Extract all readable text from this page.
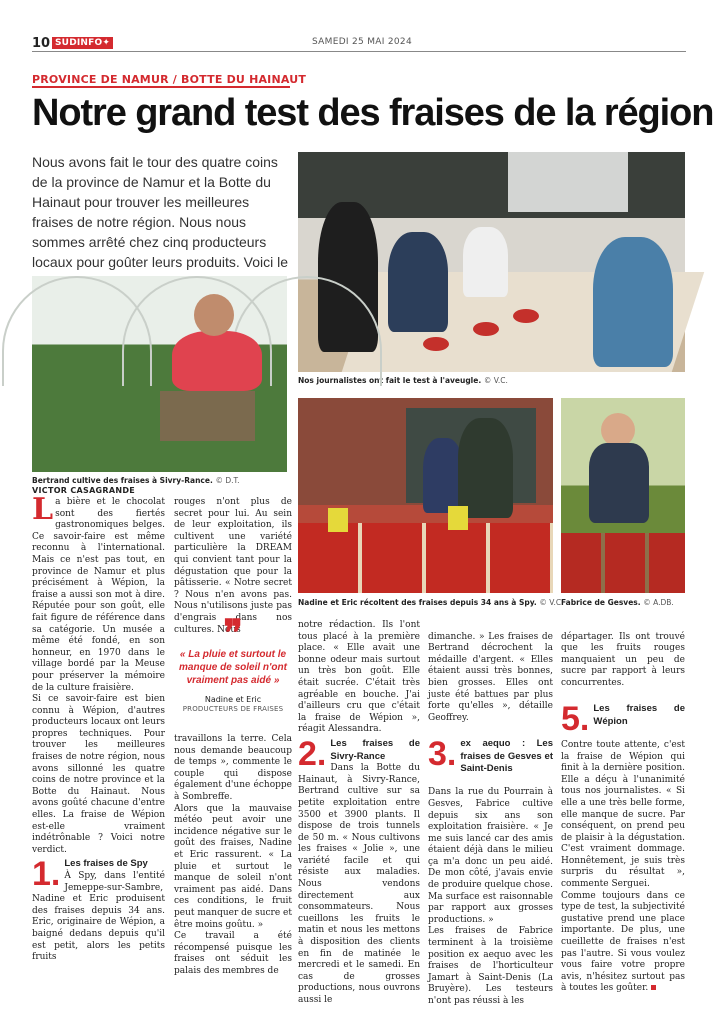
10 SUDINFO✦	SAMEDI 25 MAI 2024
PROVINCE DE NAMUR / BOTTE DU HAINAUT
Notre grand test des fraises de la région
Nous avons fait le tour des quatre coins de la province de Namur et la Botte du Hainaut pour trouver les meilleures fraises de notre région. Nous nous sommes arrêté chez cinq producteurs locaux pour goûter leurs produits. Voici le
Nos journalistes ont fait le test à l'aveugle. © V.C.
Bertrand cultive des fraises à Sivry-Rance. © D.T.
Nadine et Eric récoltent des fraises depuis 34 ans à Spy. © V.C.
Fabrice de Gesves. © A.DB.
VICTOR CASAGRANDE

La bière et le chocolat sont des fiertés gastronomiques belges. Ce savoir-faire est même reconnu à l'international. Mais ce n'est pas tout, en province de Namur et plus précisément à Wépion, la fraise a aussi son mot à dire. Réputée pour son goût, elle fait figure de référence dans sa catégorie. Un musée a même été fondé, en son honneur, en 1970 dans le village bordé par la Meuse pour préserver la mémoire de la culture fraisière.

Si ce savoir-faire est bien connu à Wépion, d'autres producteurs locaux ont leurs propres techniques. Pour trouver les meilleures fraises de notre région, nous avons sillonné les quatre coins de notre province et la Botte du Hainaut. Nous avons goûté chacune d'entre elles. La fraise de Wépion est-elle vraiment indétrônable ? Voici notre verdict.

1. Les fraises de Spy
À Spy, dans l'entité Jemeppe-sur-Sambre, Nadine et Eric produisent des fraises depuis 34 ans. Eric, originaire de Wépion, a baigné dedans depuis qu'il est petit, alors les petits fruits

rouges n'ont plus de secret pour lui. Au sein de leur exploitation, ils cultivent une variété particulière la DREAM qui convient tant pour la dégustation que pour la pâtisserie. « Notre secret ? Nous n'en avons pas. Nous n'utilisons juste pas d'engrais dans nos cultures. Nous
❞
« La pluie et surtout le manque de soleil n'ont vraiment pas aidé »
Nadine et Eric
PRODUCTEURS DE FRAISES
travaillons la terre. Cela nous demande beaucoup de temps », commente le couple qui dispose également d'une échoppe à Sombreffe.
Alors que la mauvaise météo peut avoir une incidence négative sur le goût des fraises, Nadine et Eric rassurent. « La pluie et surtout le manque de soleil n'ont vraiment pas aidé. Dans ces conditions, le fruit peut manquer de sucre et être moins goûtu. »
Ce travail a été récompensé puisque les fraises ont séduit les palais des membres de

notre rédaction. Ils l'ont tous placé à la première place. « Elle avait une bonne odeur mais surtout un très bon goût. Elle était sucrée. C'était très agréable en bouche. J'ai d'ailleurs cru que c'était la fraise de Wépion », réagit Alessandra.

2. Les fraises de Sivry-Rance
Dans la Botte du Hainaut, à Sivry-Rance, Bertrand cultive sur sa petite exploitation entre 3500 et 3900 plants. Il dispose de trois tunnels de 50 m. « Nous cultivons les fraises « Jolie », une variété facile et qui résiste aux maladies. Nous vendons directement aux consommateurs. Nous cueillons les fruits le matin et nous les mettons à disposition des clients en fin de matinée le mercredi et le samedi. En cas de grosses productions, nous ouvrons aussi le

dimanche. » Les fraises de Bertrand décrochent la médaille d'argent. « Elles étaient aussi très bonnes, bien grosses. Elles ont juste été battues par plus forte qu'elles », détaille Geoffrey.

3. ex aequo : Les fraises de Gesves et Saint-Denis

Dans la rue du Pourrain à Gesves, Fabrice cultive depuis six ans son exploitation fraisière. « Je me suis lancé car des amis étaient déjà dans le milieu ça m'a donc un peu aidé. De mon côté, j'avais envie de produire quelque chose. Ma surface est raisonnable par rapport aux grosses productions. »
Les fraises de Fabrice terminent à la troisième position ex aequo avec les fraises de l'horticulteur Jamart à Saint-Denis (La Bruyère). Les testeurs n'ont pas réussi à les

départager. Ils ont trouvé que les fruits rouges manquaient un peu de sucre par rapport à leurs concurrentes.

5. Les fraises de Wépion

Contre toute attente, c'est la fraise de Wépion qui finit à la dernière position. Elle a déçu à l'unanimité tous nos journalistes. « Si elle a une très belle forme, elle manque de sucre. Par conséquent, on prend peu de plaisir à la dégustation. C'est vraiment dommage. Honnêtement, je suis très surpris du résultat », commente Serguei.
Comme toujours dans ce type de test, la subjectivité gustative prend une place importante. De plus, une cueillette de fraises n'est pas l'autre. Si vous voulez vous faire votre propre avis, n'hésitez surtout pas à toutes les goûter.
